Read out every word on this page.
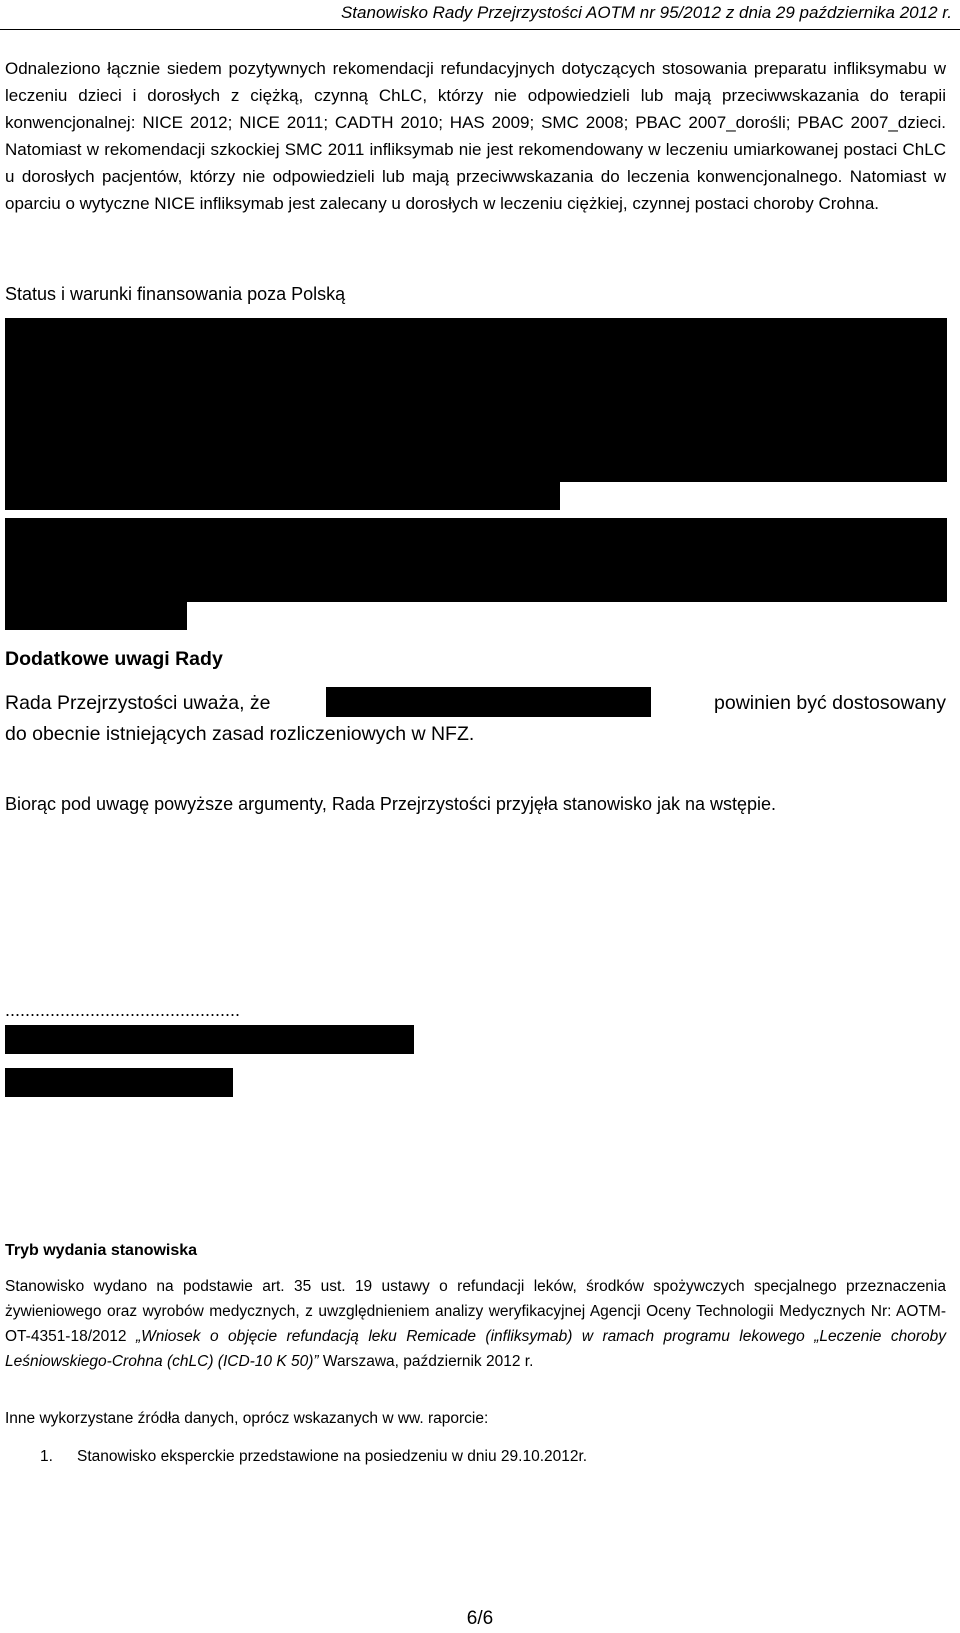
Stanowisko Rady Przejrzystości AOTM nr 95/2012 z dnia 29 października 2012 r.
Odnaleziono łącznie siedem pozytywnych rekomendacji refundacyjnych dotyczących stosowania preparatu infliksymabu w leczeniu dzieci i dorosłych z ciężką, czynną ChLC, którzy nie odpowiedzieli lub mają przeciwwskazania do terapii konwencjonalnej: NICE 2012; NICE 2011; CADTH 2010; HAS 2009; SMC 2008; PBAC 2007_dorośli; PBAC 2007_dzieci. Natomiast w rekomendacji szkockiej SMC 2011 infliksymab nie jest rekomendowany w leczeniu umiarkowanej postaci ChLC u dorosłych pacjentów, którzy nie odpowiedzieli lub mają przeciwwskazania do leczenia konwencjonalnego. Natomiast w oparciu o wytyczne NICE infliksymab jest zalecany u dorosłych w leczeniu ciężkiej, czynnej postaci choroby Crohna.
Status i warunki finansowania poza Polską
Dodatkowe uwagi Rady
Rada Przejrzystości uważa, że	powinien być dostosowany
do obecnie istniejących zasad rozliczeniowych w NFZ.
Biorąc pod uwagę powyższe argumenty, Rada Przejrzystości przyjęła stanowisko jak na wstępie.
...............................................
Tryb wydania stanowiska
Stanowisko wydano na podstawie art. 35 ust. 19 ustawy o refundacji leków, środków spożywczych specjalnego przeznaczenia żywieniowego oraz wyrobów medycznych, z uwzględnieniem analizy weryfikacyjnej Agencji Oceny Technologii Medycznych Nr: AOTM-OT-4351-18/2012 „Wniosek o objęcie refundacją leku Remicade (infliksymab) w ramach programu lekowego „Leczenie choroby Leśniowskiego-Crohna (chLC) (ICD-10 K 50)” Warszawa, październik 2012 r.
Inne wykorzystane źródła danych, oprócz wskazanych w ww. raporcie:
1. Stanowisko eksperckie przedstawione na posiedzeniu w dniu 29.10.2012r.
6/6
